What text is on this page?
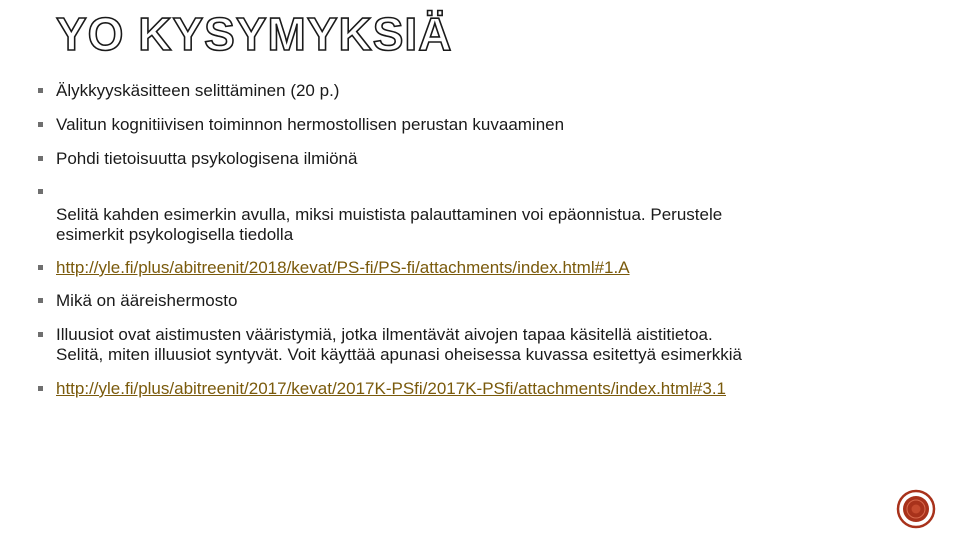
YO KYSYMYKSIÄ
Älykkyyskäsitteen selittäminen (20 p.)
Valitun kognitiivisen toiminnon hermostollisen perustan kuvaaminen
Pohdi tietoisuutta psykologisena ilmiönä
Selitä kahden esimerkin avulla, miksi muistista palauttaminen voi epäonnistua. Perustele
esimerkit psykologisella tiedolla
http://yle.fi/plus/abitreenit/2018/kevat/PS-fi/PS-fi/attachments/index.html#1.A
Mikä on ääreishermosto
Illuusiot ovat aistimusten vääristymiä, jotka ilmentävät aivojen tapaa käsitellä aistitietoa.
Selitä, miten illuusiot syntyvät. Voit käyttää apunasi oheisessa kuvassa esitettyä esimerkkiä
http://yle.fi/plus/abitreenit/2017/kevat/2017K-PSfi/2017K-PSfi/attachments/index.html#3.1
